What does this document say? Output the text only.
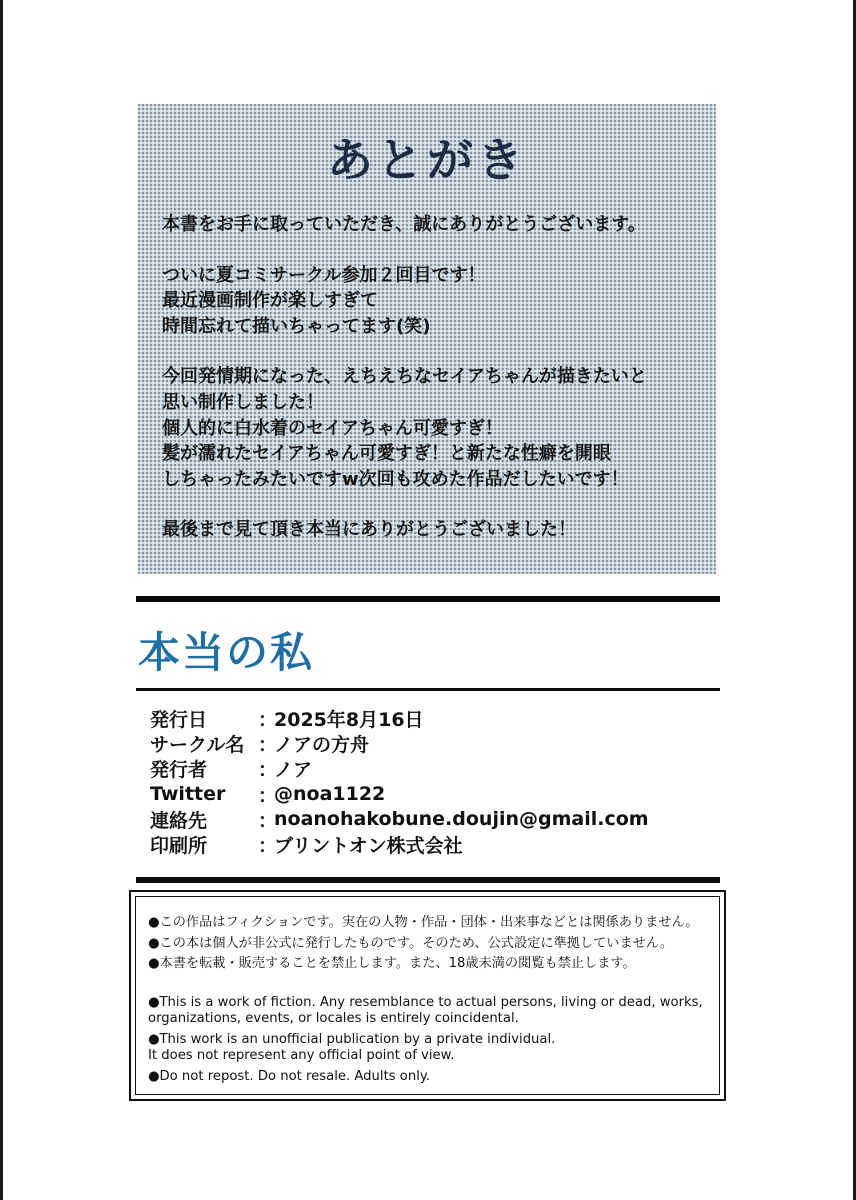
あとがき
本書をお手に取っていただき、誠にありがとうございます。
ついに夏コミサークル参加２回目です！
最近漫画制作が楽しすぎて
時間忘れて描いちゃってます(笑)
今回発情期になった、えちえちなセイアちゃんが描きたいと
思い制作しました！
個人的に白水着のセイアちゃん可愛すぎ！
髪が濡れたセイアちゃん可愛すぎ！と新たな性癖を開眼
しちゃったみたいですw次回も攻めた作品だしたいです！
最後まで見て頂き本当にありがとうございました！
本当の私
発行日	：
2025年8月16日
サークル名 ：
ノアの方舟
発行者	：
ノア
Twitter	：
@noa1122
連絡先	：
noanohakobune.doujin@gmail.com
印刷所	：
ブリントオン株式会社
●この作品はフィクションです。実在の人物・作品・団体・出来事などとは関係ありません。
●この本は個人が非公式に発行したものです。そのため、公式設定に準拠していません。
●本書を転載・販売することを禁止します。また、18歳未満の閲覧も禁止します。
●This is a work of fiction. Any resemblance to actual persons, living or dead, works,
organizations, events, or locales is entirely coincidental.
●This work is an unofficial publication by a private individual.
It does not represent any official point of view.
●Do not repost. Do not resale. Adults only.
